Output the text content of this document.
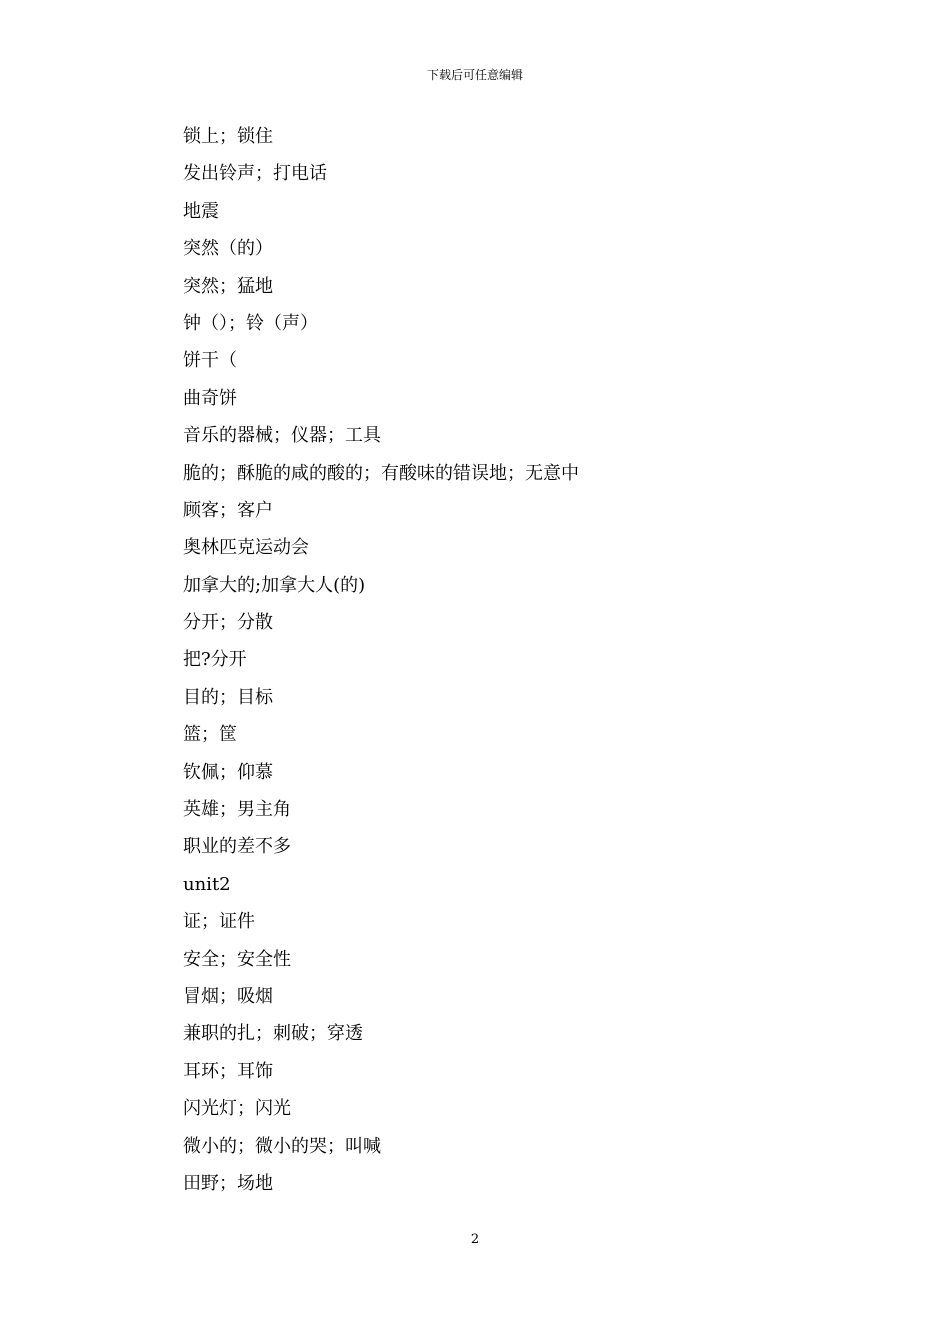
下载后可任意编辑
锁上；锁住
发出铃声；打电话
地震
突然（的）
突然；猛地
钟（）；铃（声）
饼干（
曲奇饼
音乐的器械；仪器；工具
脆的；酥脆的咸的酸的；有酸味的错误地；无意中
顾客；客户
奥林匹克运动会
加拿大的;加拿大人(的)
分开；分散
把?分开
目的；目标
篮；筐
钦佩；仰慕
英雄；男主角
职业的差不多
unit2
证；证件
安全；安全性
冒烟；吸烟
兼职的扎；刺破；穿透
耳环；耳饰
闪光灯；闪光
微小的；微小的哭；叫喊
田野；场地
2
